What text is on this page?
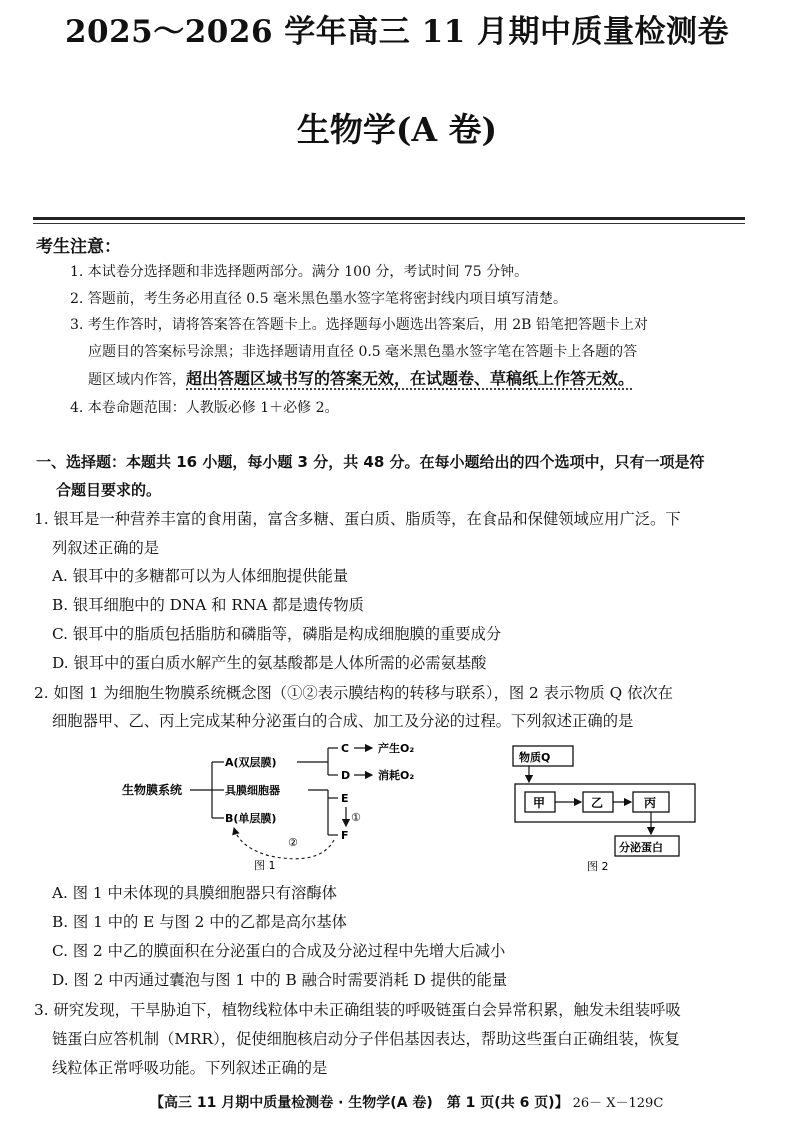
2025～2026 学年高三 11 月期中质量检测卷
生物学(A 卷)
考生注意：
1. 本试卷分选择题和非选择题两部分。满分 100 分，考试时间 75 分钟。
2. 答题前，考生务必用直径 0.5 毫米黑色墨水签字笔将密封线内项目填写清楚。
3. 考生作答时，请将答案答在答题卡上。选择题每小题选出答案后，用 2B 铅笔把答题卡上对
应题目的答案标号涂黑；非选择题请用直径 0.5 毫米黑色墨水签字笔在答题卡上各题的答
题区域内作答，超出答题区域书写的答案无效，在试题卷、草稿纸上作答无效。
4. 本卷命题范围：人教版必修 1＋必修 2。
一、选择题：本题共 16 小题，每小题 3 分，共 48 分。在每小题给出的四个选项中，只有一项是符
合题目要求的。
1. 银耳是一种营养丰富的食用菌，富含多糖、蛋白质、脂质等，在食品和保健领域应用广泛。下
列叙述正确的是
A. 银耳中的多糖都可以为人体细胞提供能量
B. 银耳细胞中的 DNA 和 RNA 都是遗传物质
C. 银耳中的脂质包括脂肪和磷脂等，磷脂是构成细胞膜的重要成分
D. 银耳中的蛋白质水解产生的氨基酸都是人体所需的必需氨基酸
2. 如图 1 为细胞生物膜系统概念图（①②表示膜结构的转移与联系），图 2 表示物质 Q 依次在
细胞器甲、乙、丙上完成某种分泌蛋白的合成、加工及分泌的过程。下列叙述正确的是
生物膜系统
A(双层膜)
具膜细胞器
B(单层膜)
C
D
产生O₂
消耗O₂
E
F
①
②
图 1
物质Q
甲	乙	丙
分泌蛋白
图 2
A. 图 1 中未体现的具膜细胞器只有溶酶体
B. 图 1 中的 E 与图 2 中的乙都是高尔基体
C. 图 2 中乙的膜面积在分泌蛋白的合成及分泌过程中先增大后减小
D. 图 2 中丙通过囊泡与图 1 中的 B 融合时需要消耗 D 提供的能量
3. 研究发现，干旱胁迫下，植物线粒体中未正确组装的呼吸链蛋白会异常积累，触发未组装呼吸
链蛋白应答机制（MRR），促使细胞核启动分子伴侣基因表达，帮助这些蛋白正确组装，恢复
线粒体正常呼吸功能。下列叙述正确的是
【高三 11 月期中质量检测卷 · 生物学(A 卷)　第 1 页(共 6 页)】 26－ X－129C
